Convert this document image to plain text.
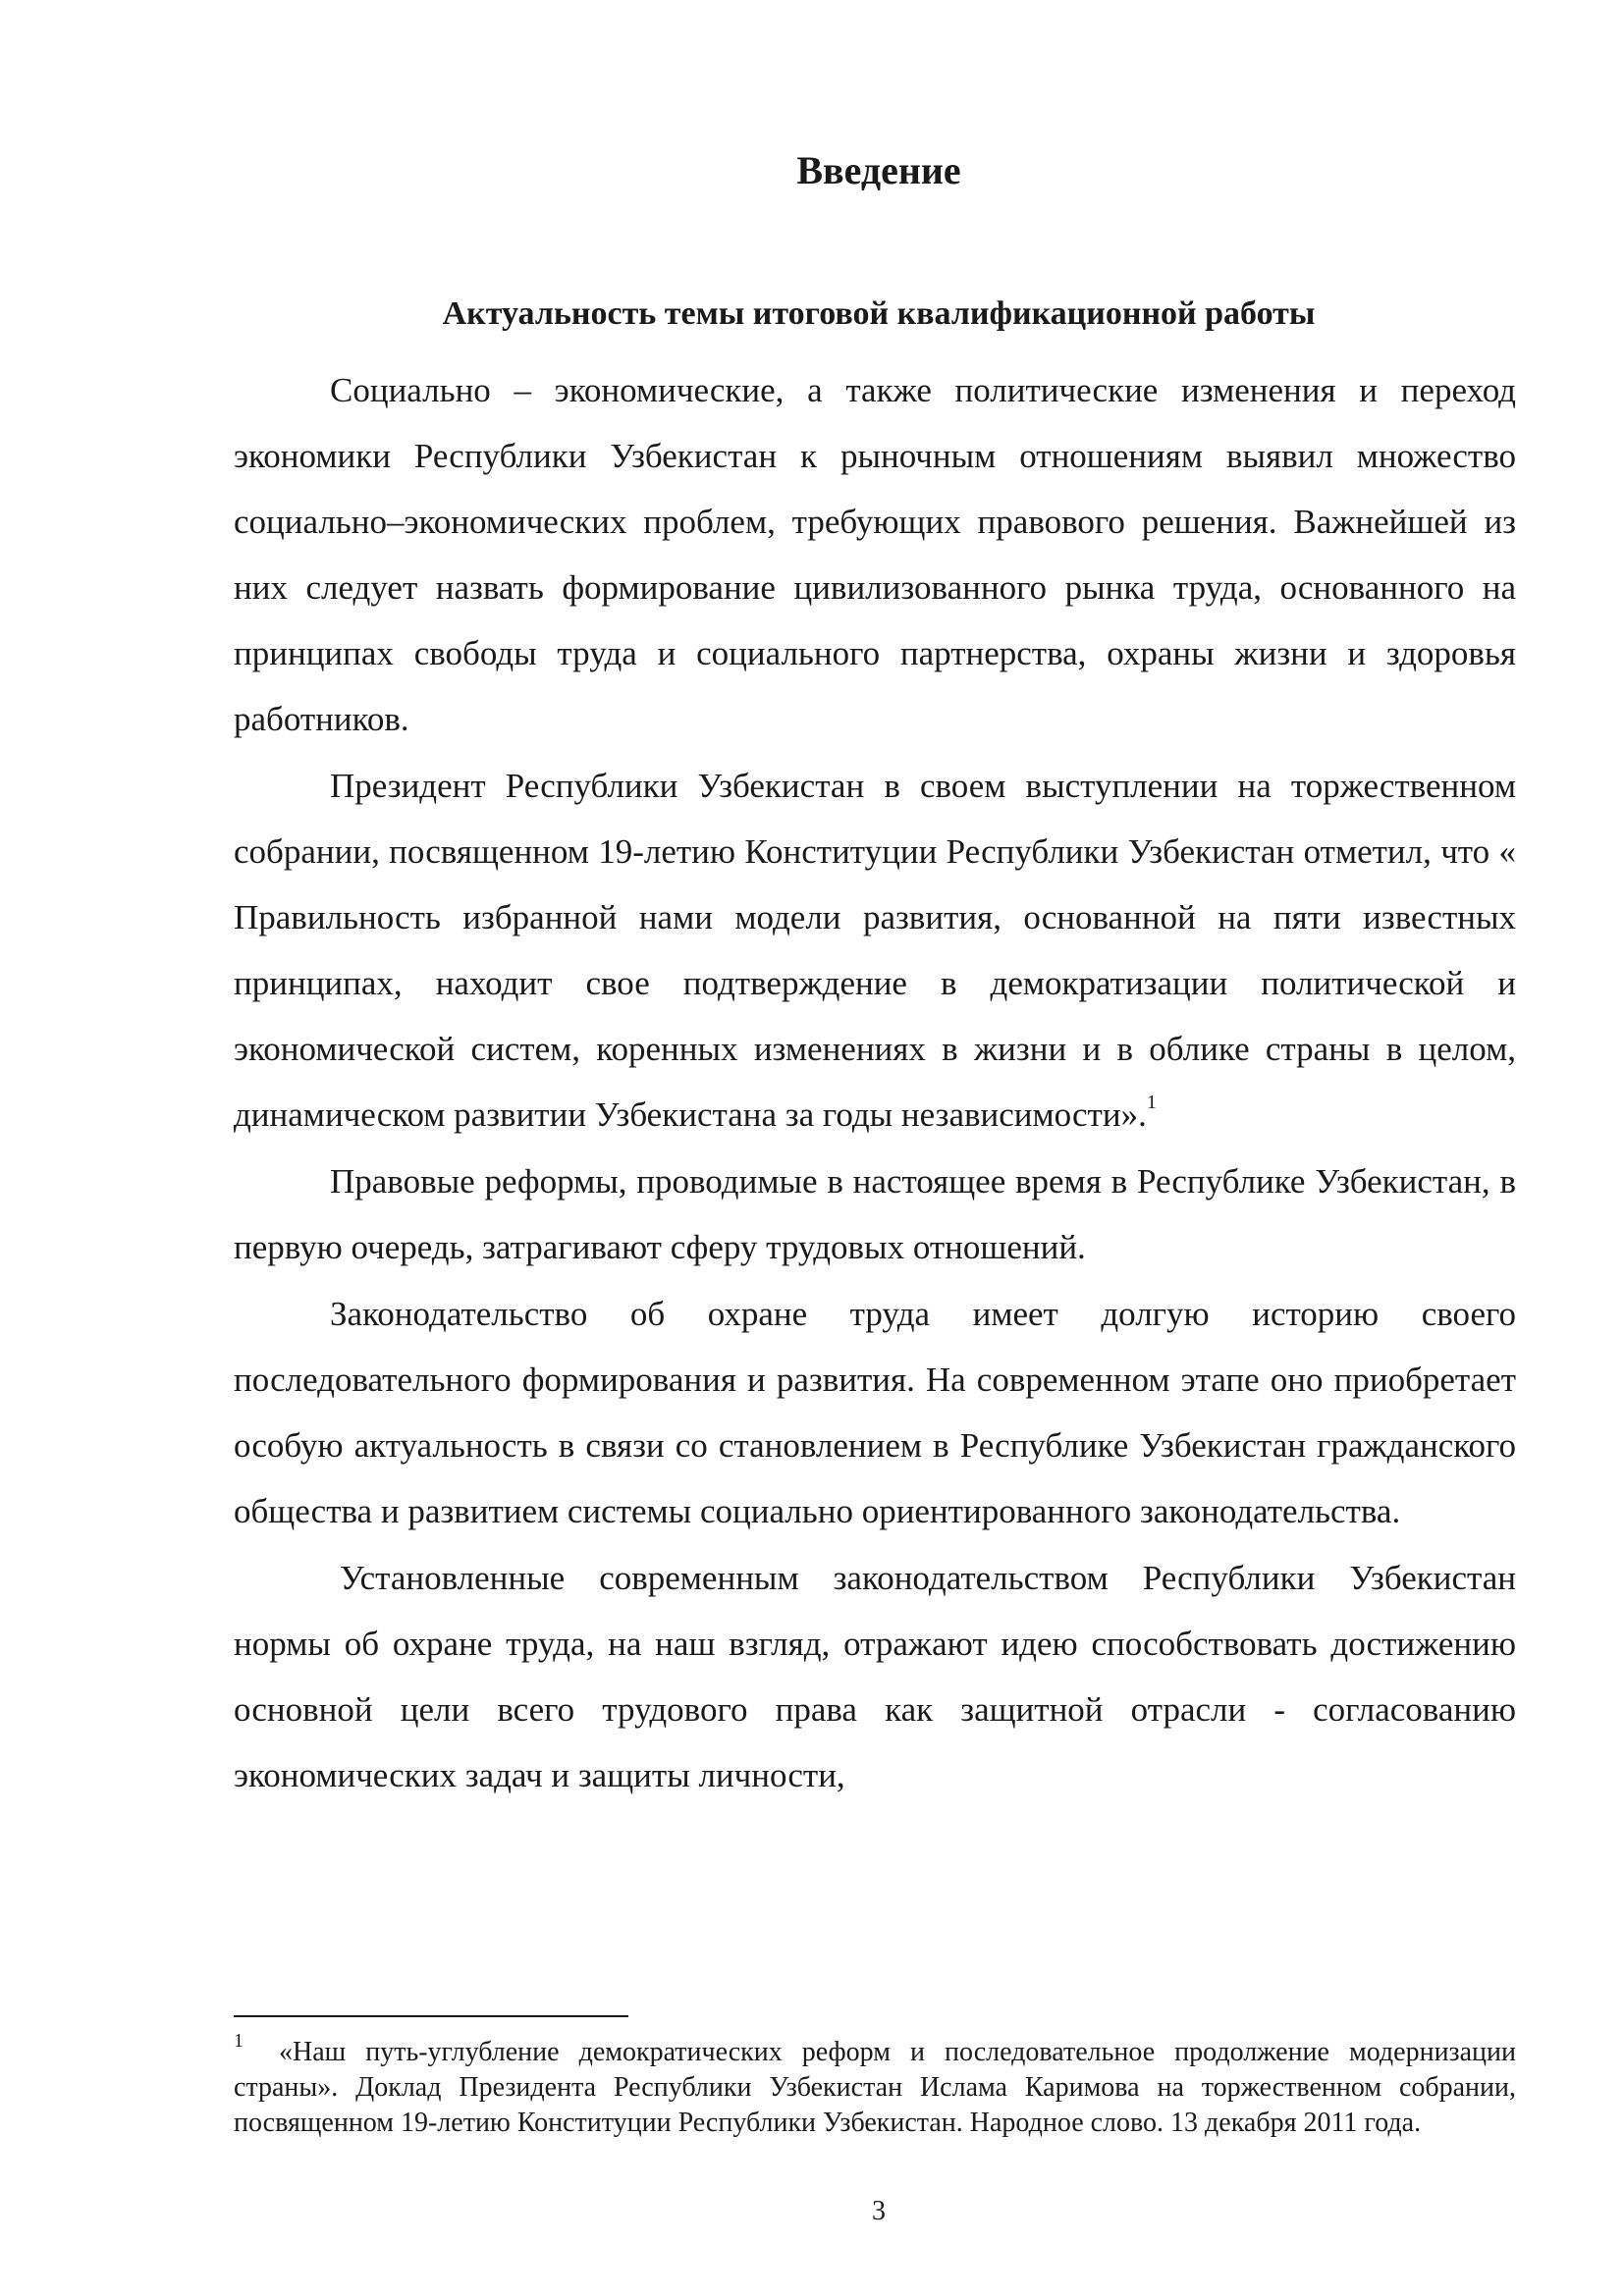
Введение
Актуальность темы итоговой квалификационной работы

Социально – экономические, а также политические изменения и переход экономики Республики Узбекистан к рыночным отношениям выявил множество социально–экономических проблем, требующих правового решения. Важнейшей из них следует назвать формирование цивилизованного рынка труда, основанного на принципах свободы труда и социального партнерства, охраны жизни и здоровья работников.

Президент Республики Узбекистан в своем выступлении на торжественном собрании, посвященном 19-летию Конституции Республики Узбекистан отметил, что « Правильность избранной нами модели развития, основанной на пяти известных принципах, находит свое подтверждение в демократизации политической и экономической систем, коренных изменениях в жизни и в облике страны в целом, динамическом развитии Узбекистана за годы независимости».$^1$

Правовые реформы, проводимые в настоящее время в Республике Узбекистан, в первую очередь, затрагивают сферу трудовых отношений.

Законодательство об охране труда имеет долгую историю своего последовательного формирования и развития. На современном этапе оно приобретает особую актуальность в связи со становлением в Республике Узбекистан гражданского общества и развитием системы социально ориентированного законодательства.

Установленные современным законодательством Республики Узбекистан нормы об охране труда, на наш взгляд, отражают идею способствовать достижению основной цели всего трудового права как защитной отрасли - согласованию экономических задач и защиты личности,

$^1$ «Наш путь-углубление демократических реформ и последовательное продолжение модернизации страны». Доклад Президента Республики Узбекистан Ислама Каримова на торжественном собрании, посвященном 19-летию Конституции Республики Узбекистан. Народное слово. 13 декабря 2011 года.

3
